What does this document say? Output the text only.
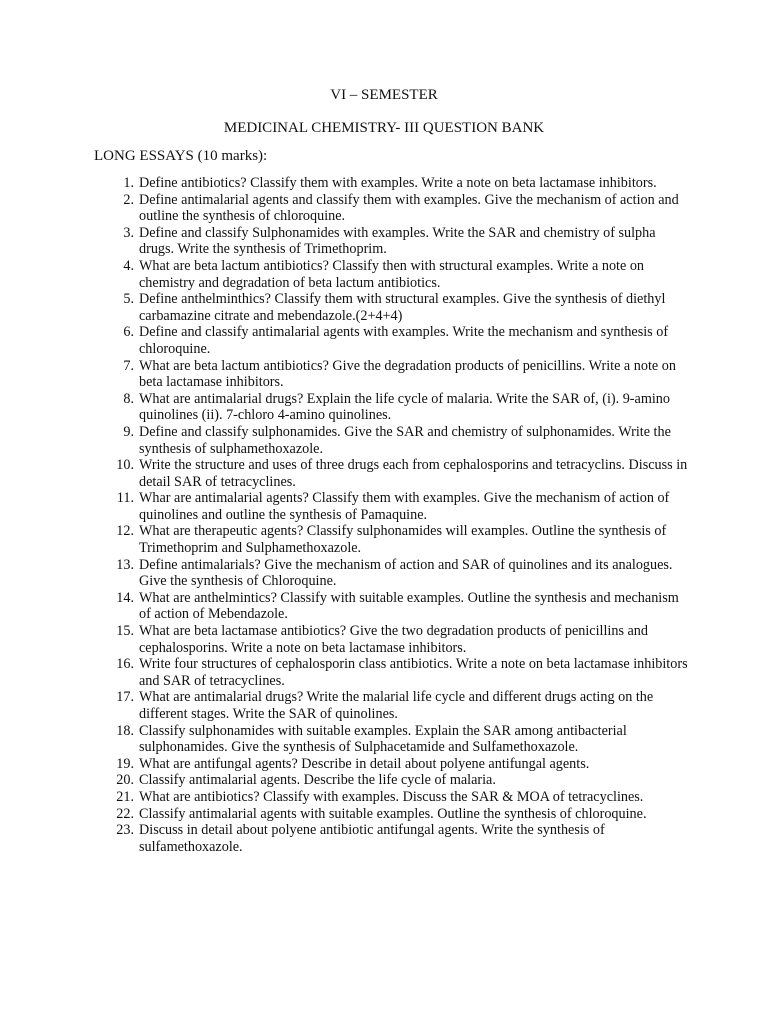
VI – SEMESTER
MEDICINAL CHEMISTRY- III QUESTION BANK
LONG ESSAYS (10 marks):
1. Define antibiotics? Classify them with examples. Write a note on beta lactamase inhibitors.
2. Define antimalarial agents and classify them with examples. Give the mechanism of action and outline the synthesis of chloroquine.
3. Define and classify Sulphonamides with examples. Write the SAR and chemistry of sulpha drugs. Write the synthesis of Trimethoprim.
4. What are beta lactum antibiotics? Classify then with structural examples. Write a note on chemistry and degradation of beta lactum antibiotics.
5. Define anthelminthics? Classify them with structural examples. Give the synthesis of diethyl carbamazine citrate and mebendazole.(2+4+4)
6. Define and classify antimalarial agents with examples. Write the mechanism and synthesis of chloroquine.
7. What are beta lactum antibiotics? Give the degradation products of penicillins. Write a note on beta lactamase inhibitors.
8. What are antimalarial drugs? Explain the life cycle of malaria. Write the SAR of, (i). 9-amino quinolines (ii). 7-chloro 4-amino quinolines.
9. Define and classify sulphonamides. Give the SAR and chemistry of sulphonamides. Write the synthesis of sulphamethoxazole.
10. Write the structure and uses of three drugs each from cephalosporins and tetracyclins. Discuss in detail SAR of tetracyclines.
11. Whar are antimalarial agents? Classify them with examples. Give the mechanism of action of quinolines and outline the synthesis of Pamaquine.
12. What are therapeutic agents? Classify sulphonamides will examples. Outline the synthesis of Trimethoprim and Sulphamethoxazole.
13. Define antimalarials? Give the mechanism of action and SAR of quinolines and its analogues. Give the synthesis of Chloroquine.
14. What are anthelmintics? Classify with suitable examples. Outline the synthesis and mechanism of action of Mebendazole.
15. What are beta lactamase antibiotics? Give the two degradation products of penicillins and cephalosporins. Write a note on beta lactamase inhibitors.
16. Write four structures of cephalosporin class antibiotics. Write a note on beta lactamase inhibitors and SAR of tetracyclines.
17. What are antimalarial drugs? Write the malarial life cycle and different drugs acting on the different stages. Write the SAR of quinolines.
18. Classify sulphonamides with suitable examples. Explain the SAR among antibacterial sulphonamides. Give the synthesis of Sulphacetamide and Sulfamethoxazole.
19. What are antifungal agents? Describe in detail about polyene antifungal agents.
20. Classify antimalarial agents. Describe the life cycle of malaria.
21. What are antibiotics? Classify with examples. Discuss the SAR & MOA of tetracyclines.
22. Classify antimalarial agents with suitable examples. Outline the synthesis of chloroquine.
23. Discuss in detail about polyene antibiotic antifungal agents. Write the synthesis of sulfamethoxazole.
